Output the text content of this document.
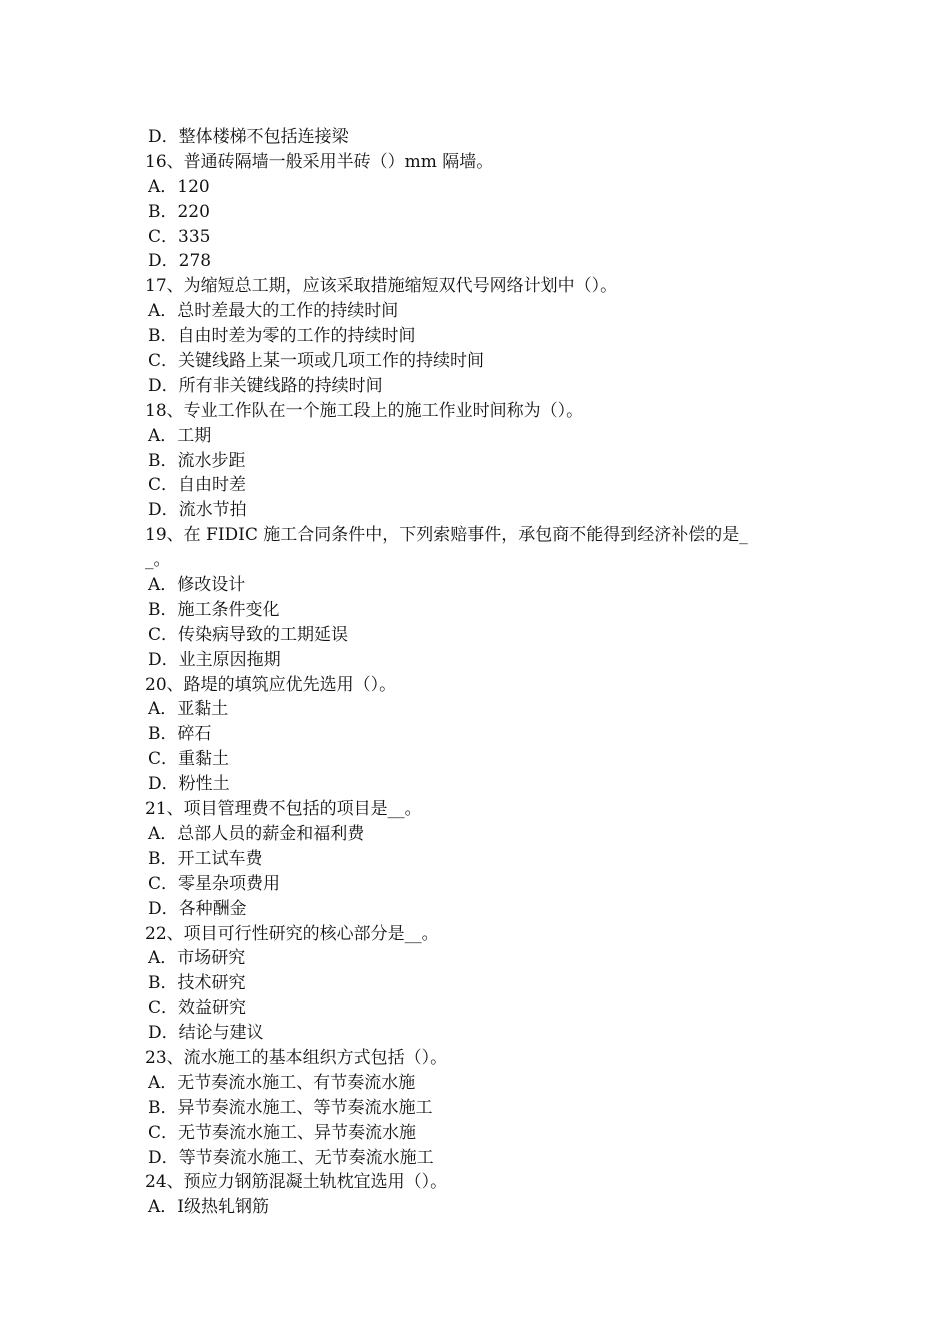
D．整体楼梯不包括连接梁
16、普通砖隔墙一般采用半砖（）mm 隔墙。
A．120
B．220
C．335
D．278
17、为缩短总工期，应该采取措施缩短双代号网络计划中（）。
A．总时差最大的工作的持续时间
B．自由时差为零的工作的持续时间
C．关键线路上某一项或几项工作的持续时间
D．所有非关键线路的持续时间
18、专业工作队在一个施工段上的施工作业时间称为（）。
A．工期
B．流水步距
C．自由时差
D．流水节拍
19、在 FIDIC 施工合同条件中，下列索赔事件，承包商不能得到经济补偿的是_
_。
A．修改设计
B．施工条件变化
C．传染病导致的工期延误
D．业主原因拖期
20、路堤的填筑应优先选用（）。
A．亚黏土
B．碎石
C．重黏土
D．粉性土
21、项目管理费不包括的项目是__。
A．总部人员的薪金和福利费
B．开工试车费
C．零星杂项费用
D．各种酬金
22、项目可行性研究的核心部分是__。
A．市场研究
B．技术研究
C．效益研究
D．结论与建议
23、流水施工的基本组织方式包括（）。
A．无节奏流水施工、有节奏流水施
B．异节奏流水施工、等节奏流水施工
C．无节奏流水施工、异节奏流水施
D．等节奏流水施工、无节奏流水施工
24、预应力钢筋混凝土轨枕宜选用（）。
A．Ⅰ级热轧钢筋
